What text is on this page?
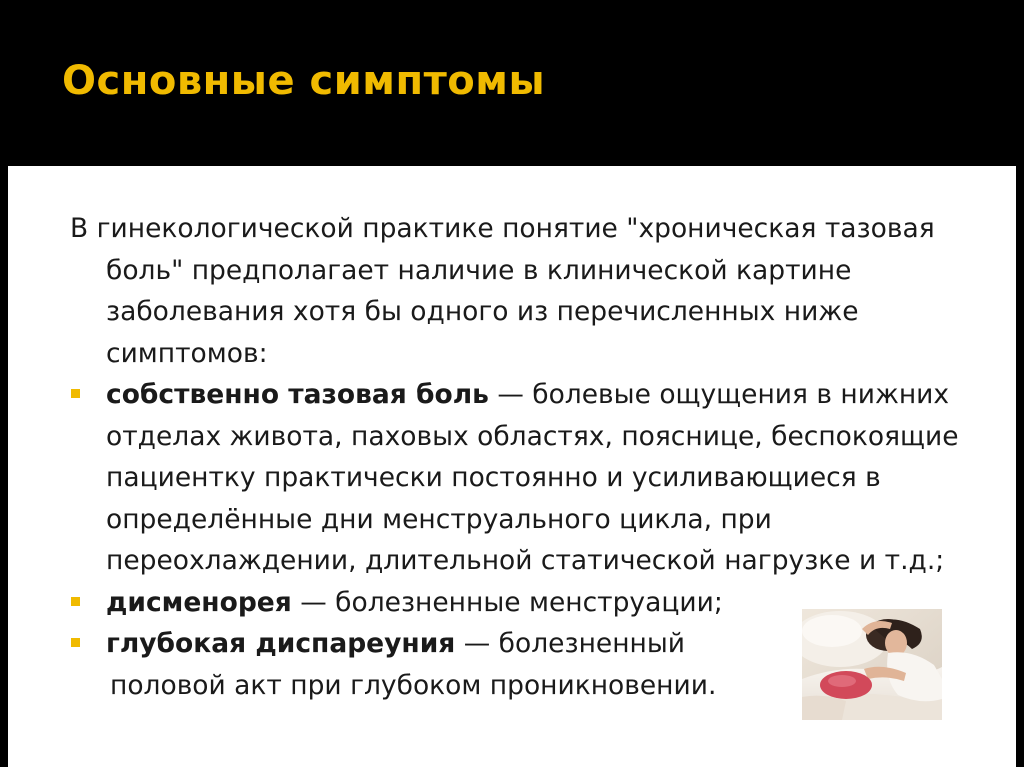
Основные симптомы

В гинекологической практике понятие "хроническая тазовая боль" предполагает наличие в клинической картине заболевания хотя бы одного из перечисленных ниже симптомов:

собственно тазовая боль — болевые ощущения в нижних отделах живота, паховых областях, пояснице, беспокоящие пациентку практически постоянно и усиливающиеся в определённые дни менструального цикла, при переохлаждении, длительной статической нагрузке и т.д.;
дисменорея — болезненные менструации;
глубокая диспареуния — болезненный
половой акт при глубоком проникновении.
